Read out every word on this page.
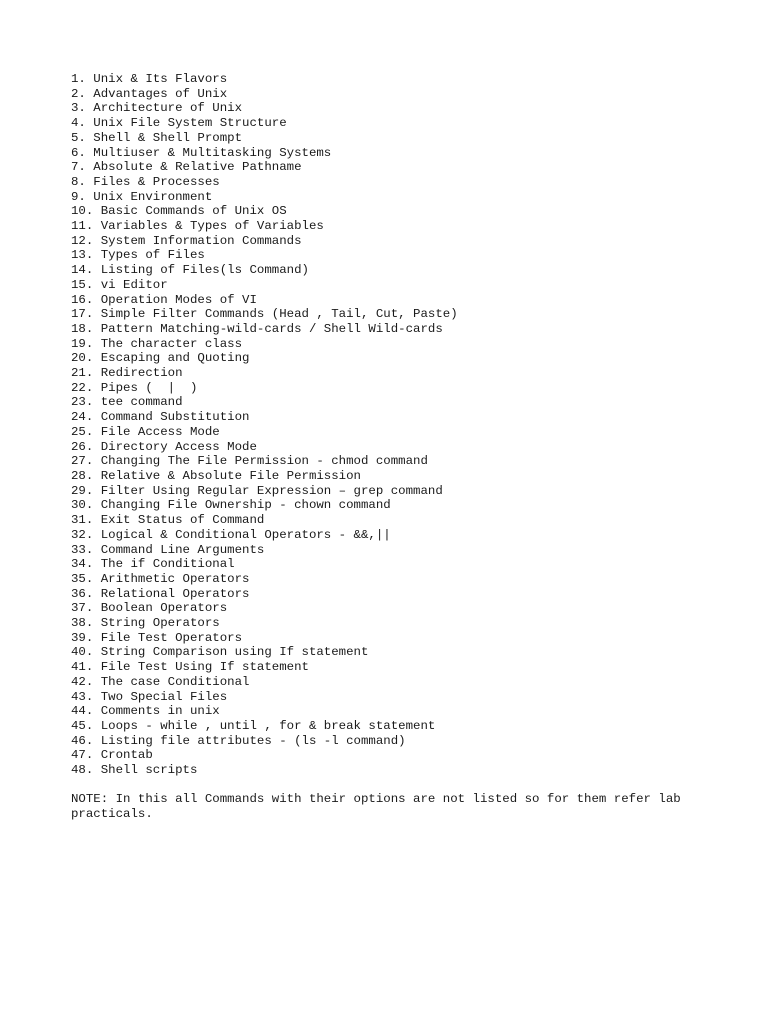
1. Unix & Its Flavors
2. Advantages of Unix
3. Architecture of Unix
4. Unix File System Structure
5. Shell & Shell Prompt
6. Multiuser & Multitasking Systems
7. Absolute & Relative Pathname
8. Files & Processes
9. Unix Environment
10. Basic Commands of Unix OS
11. Variables & Types of Variables
12. System Information Commands
13. Types of Files
14. Listing of Files(ls Command)
15. vi Editor
16. Operation Modes of VI
17. Simple Filter Commands (Head , Tail, Cut, Paste)
18. Pattern Matching-wild-cards / Shell Wild-cards
19. The character class
20. Escaping and Quoting
21. Redirection
22. Pipes (  |  )
23. tee command
24. Command Substitution
25. File Access Mode
26. Directory Access Mode
27. Changing The File Permission - chmod command
28. Relative & Absolute File Permission
29. Filter Using Regular Expression – grep command
30. Changing File Ownership - chown command
31. Exit Status of Command
32. Logical & Conditional Operators - &&,||
33. Command Line Arguments
34. The if Conditional
35. Arithmetic Operators
36. Relational Operators
37. Boolean Operators
38. String Operators
39. File Test Operators
40. String Comparison using If statement
41. File Test Using If statement
42. The case Conditional
43. Two Special Files
44. Comments in unix
45. Loops - while , until , for & break statement
46. Listing file attributes - (ls -l command)
47. Crontab
48. Shell scripts

NOTE: In this all Commands with their options are not listed so for them refer lab practicals.
